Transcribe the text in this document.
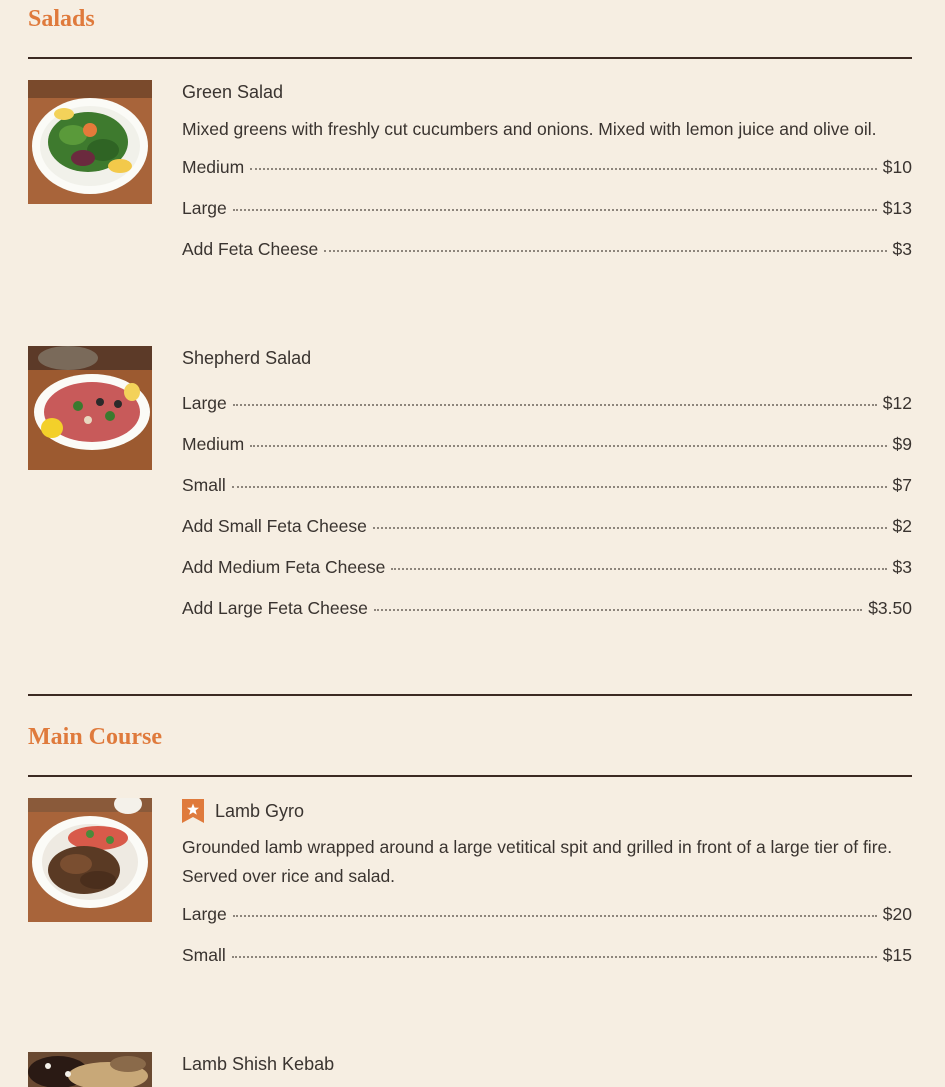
Salads
Green Salad
Mixed greens with freshly cut cucumbers and onions. Mixed with lemon juice and olive oil.
Medium	$10
Large	$13
Add Feta Cheese	$3
Shepherd Salad
Large	$12
Medium	$9
Small	$7
Add Small Feta Cheese	$2
Add Medium Feta Cheese	$3
Add Large Feta Cheese	$3.50
Main Course
Lamb Gyro
Grounded lamb wrapped around a large vetitical spit and grilled in front of a large tier of fire. Served over rice and salad.
Large	$20
Small	$15
Lamb Shish Kebab
